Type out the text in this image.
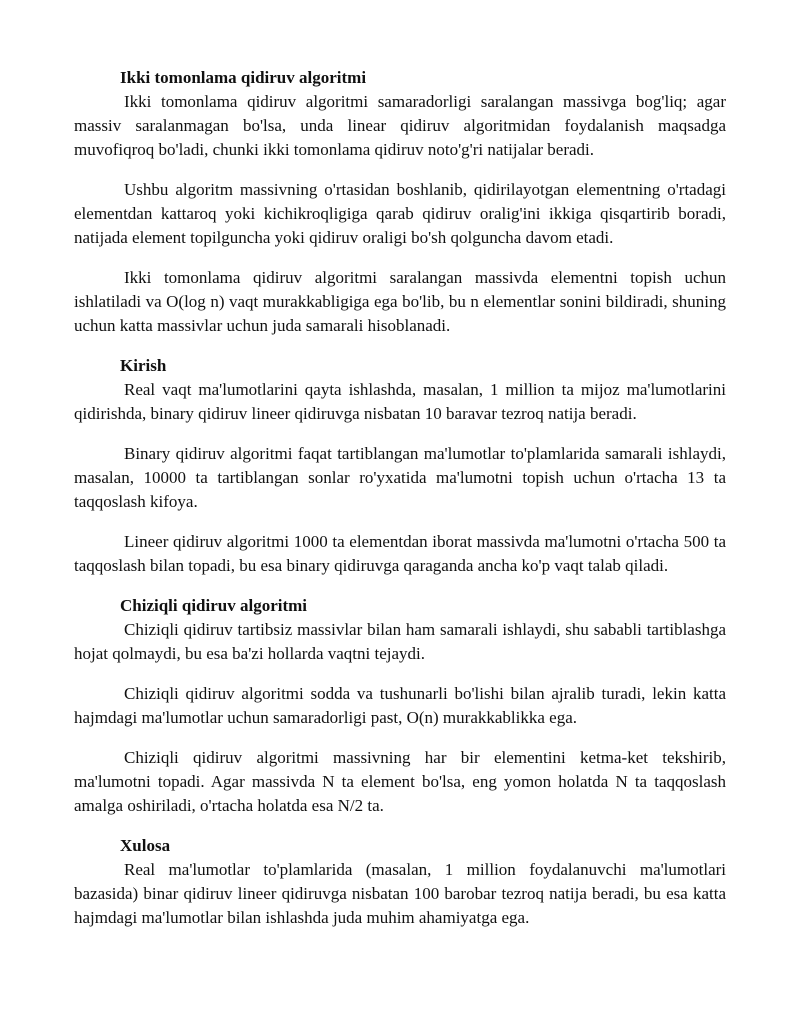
Ikki tomonlama qidiruv algoritmi

Ikki tomonlama qidiruv algoritmi samaradorligi saralangan massivga bog'liq; agar massiv saralanmagan bo'lsa, unda linear qidiruv algoritmidan foydalanish maqsadga muvofiqroq bo'ladi, chunki ikki tomonlama qidiruv noto'g'ri natijalar beradi.

Ushbu algoritm massivning o'rtasidan boshlanib, qidirilayotgan elementning o'rtadagi elementdan kattaroq yoki kichikroqligiga qarab qidiruv oralig'ini ikkiga qisqartirib boradi, natijada element topilguncha yoki qidiruv oraligi bo'sh qolguncha davom etadi.

Ikki tomonlama qidiruv algoritmi saralangan massivda elementni topish uchun ishlatiladi va O(log n) vaqt murakkabligiga ega bo'lib, bu n elementlar sonini bildiradi, shuning uchun katta massivlar uchun juda samarali hisoblanadi.

Kirish

Real vaqt ma'lumotlarini qayta ishlashda, masalan, 1 million ta mijoz ma'lumotlarini qidirishda, binary qidiruv lineer qidiruvga nisbatan 10 baravar tezroq natija beradi.

Binary qidiruv algoritmi faqat tartiblangan ma'lumotlar to'plamlarida samarali ishlaydi, masalan, 10000 ta tartiblangan sonlar ro'yxatida ma'lumotni topish uchun o'rtacha 13 ta taqqoslash kifoya.

Lineer qidiruv algoritmi 1000 ta elementdan iborat massivda ma'lumotni o'rtacha 500 ta taqqoslash bilan topadi, bu esa binary qidiruvga qaraganda ancha ko'p vaqt talab qiladi.

Chiziqli qidiruv algoritmi

Chiziqli qidiruv tartibsiz massivlar bilan ham samarali ishlaydi, shu sababli tartiblashga hojat qolmaydi, bu esa ba'zi hollarda vaqtni tejaydi.

Chiziqli qidiruv algoritmi sodda va tushunarli bo'lishi bilan ajralib turadi, lekin katta hajmdagi ma'lumotlar uchun samaradorligi past, O(n) murakkablikka ega.

Chiziqli qidiruv algoritmi massivning har bir elementini ketma-ket tekshirib, ma'lumotni topadi. Agar massivda N ta element bo'lsa, eng yomon holatda N ta taqqoslash amalga oshiriladi, o'rtacha holatda esa N/2 ta.

Xulosa

Real ma'lumotlar to'plamlarida (masalan, 1 million foydalanuvchi ma'lumotlari bazasida) binar qidiruv lineer qidiruvga nisbatan 100 barobar tezroq natija beradi, bu esa katta hajmdagi ma'lumotlar bilan ishlashda juda muhim ahamiyatga ega.
